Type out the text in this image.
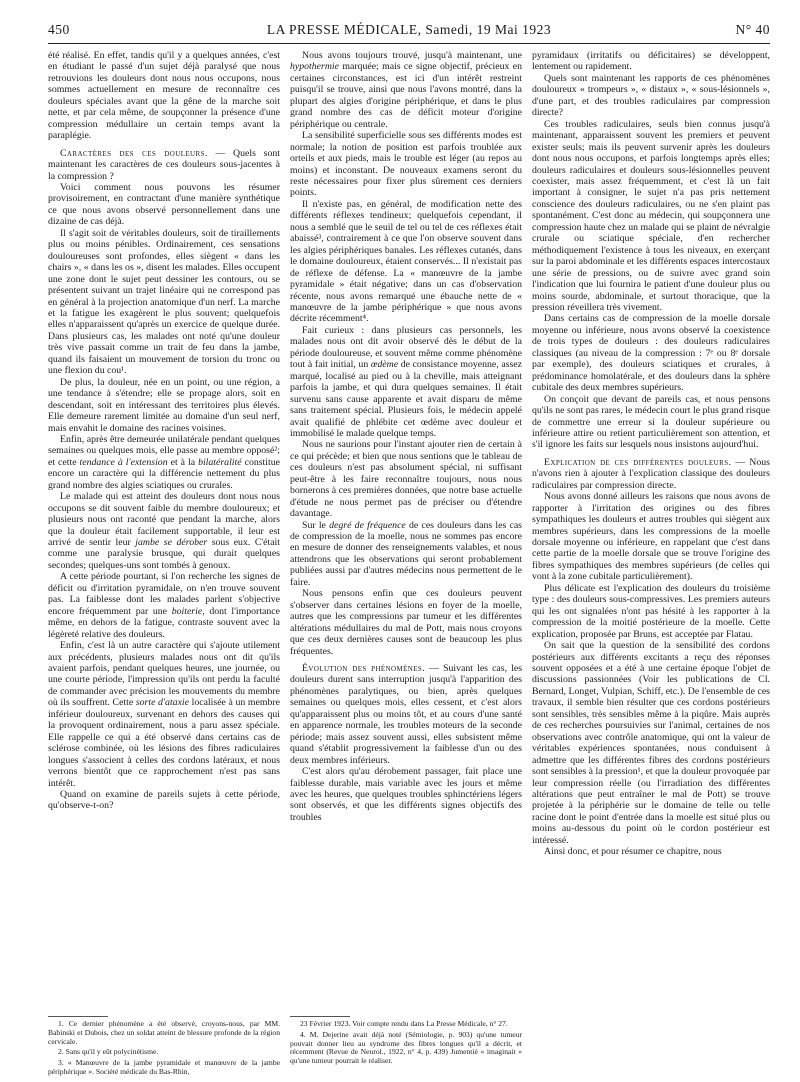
450	LA PRESSE MÉDICALE, Samedi, 19 Mai 1923	N° 40

été réalisé. En effet, tandis qu'il y a quelques années, c'est en étudiant le passé d'un sujet déjà paralysé que nous retrouvions les douleurs dont nous nous occupons, nous sommes actuellement en mesure de reconnaître ces douleurs spéciales avant que la gêne de la marche soit nette, et par cela même, de soupçonner la présence d'une compression médullaire un certain temps avant la paraplégie.

Caractères des ces douleurs. — Quels sont maintenant les caractères de ces douleurs sous-jacentes à la compression ?

Voici comment nous pouvons les résumer provisoirement, en contractant d'une manière synthétique ce que nous avons observé personnellement dans une dizaine de cas déjà.

Il s'agit soit de véritables douleurs, soit de tiraillements plus ou moins pénibles. Ordinairement, ces sensations douloureuses sont profondes, elles siègent « dans les chairs », « dans les os », disent les malades. Elles occupent une zone dont le sujet peut dessiner les contours, ou se présentent suivant un trajet linéaire qui ne correspond pas en général à la projection anatomique d'un nerf. La marche et la fatigue les exagèrent le plus souvent; quelquefois elles n'apparaissent qu'après un exercice de quelque durée. Dans plusieurs cas, les malades ont noté qu'une douleur très vive passait comme un trait de feu dans la jambe, quand ils faisaient un mouvement de torsion du tronc ou une flexion du cou¹.

De plus, la douleur, née en un point, ou une région, a une tendance à s'étendre; elle se propage alors, soit en descendant, soit en intéressant des territoires plus élevés. Elle demeure rarement limitée au domaine d'un seul nerf, mais envahit le domaine des racines voisines.

Enfin, après être demeurée unilatérale pendant quelques semaines ou quelques mois, elle passe au membre opposé²; et cette tendance à l'extension et à la bilatéralité constitue encore un caractère qui la différencie nettement du plus grand nombre des algies sciatiques ou crurales.

Le malade qui est atteint des douleurs dont nous nous occupons se dit souvent faible du membre douloureux; et plusieurs nous ont raconté que pendant la marche, alors que la douleur était facilement supportable, il leur est arrivé de sentir leur jambe se dérober sous eux. C'était comme une paralysie brusque, qui durait quelques secondes; quelques-uns sont tombés à genoux.

A cette période pourtant, si l'on recherche les signes de déficit ou d'irritation pyramidale, on n'en trouve souvent pas. La faiblesse dont les malades parlent s'objective encore fréquemment par une boiterie, dont l'importance même, en dehors de la fatigue, contraste souvent avec la légèreté relative des douleurs.

Enfin, c'est là un autre caractère qui s'ajoute utilement aux précédents, plusieurs malades nous ont dit qu'ils avaient parfois, pendant quelques heures, une journée, ou une courte période, l'impression qu'ils ont perdu la faculté de commander avec précision les mouvements du membre où ils souffrent. Cette sorte d'ataxie localisée à un membre inférieur douloureux, survenant en dehors des causes qui la provoquent ordinairement, nous a paru assez spéciale. Elle rappelle ce qui a été observé dans certains cas de sclérose combinée, où les lésions des fibres radiculaires longues s'associent à celles des cordons latéraux, et nous verrons bientôt que ce rapprochement n'est pas sans intérêt.

Quand on examine de pareils sujets à cette période, qu'observe-t-on?

Nous avons toujours trouvé, jusqu'à maintenant, une hypothermie marquée; mais ce signe objectif, précieux en certaines circonstances, est ici d'un intérêt restreint puisqu'il se trouve, ainsi que nous l'avons montré, dans la plupart des algies d'origine périphérique, et dans le plus grand nombre des cas de déficit moteur d'origine périphérique ou centrale.

La sensibilité superficielle sous ses différents modes est normale; la notion de position est parfois troublée aux orteils et aux pieds, mais le trouble est léger (au repos au moins) et inconstant. De nouveaux examens seront du reste nécessaires pour fixer plus sûrement ces derniers points.

Il n'existe pas, en général, de modification nette des différents réflexes tendineux; quelquefois cependant, il nous a semblé que le seuil de tel ou tel de ces réflexes était abaissé³, contrairement à ce que l'on observe souvent dans les algies périphériques banales. Les réflexes cutanés, dans le domaine douloureux, étaient conservés... Il n'existait pas de réflexe de défense. La « manœuvre de la jambe pyramidale » était négative; dans un cas d'observation récente, nous avons remarqué une ébauche nette de « manœuvre de la jambe périphérique » que nous avons décrite récemment⁴.

Fait curieux : dans plusieurs cas personnels, les malades nous ont dit avoir observé dès le début de la période douloureuse, et souvent même comme phénomène tout à fait initial, un œdème de consistance moyenne, assez marqué, localisé au pied ou à la cheville, mais atteignant parfois la jambe, et qui dura quelques semaines. Il était survenu sans cause apparente et avait disparu de même sans traitement spécial. Plusieurs fois, le médecin appelé avait qualifié de phlébite cet œdème avec douleur et immobilisé le malade quelque temps.

Nous ne saurions pour l'instant ajouter rien de certain à ce qui précède; et bien que nous sentions que le tableau de ces douleurs n'est pas absolument spécial, ni suffisant peut-être à les faire reconnaître toujours, nous nous bornerons à ces premières données, que notre base actuelle d'étude ne nous permet pas de préciser ou d'étendre davantage.

Sur le degré de fréquence de ces douleurs dans les cas de compression de la moelle, nous ne sommes pas encore en mesure de donner des renseignements valables, et nous attendrons que les observations qui seront probablement publiées aussi par d'autres médecins nous permettent de le faire.

Nous pensons enfin que ces douleurs peuvent s'observer dans certaines lésions en foyer de la moelle, autres que les compressions par tumeur et les différentes altérations médullaires du mal de Pott, mais nous croyons que ces deux dernières causes sont de beaucoup les plus fréquentes.

Évolution des phénomènes. — Suivant les cas, les douleurs durent sans interruption jusqu'à l'apparition des phénomènes paralytiques, ou bien, après quelques semaines ou quelques mois, elles cessent, et c'est alors qu'apparaissent plus ou moins tôt, et au cours d'une santé en apparence normale, les troubles moteurs de la seconde période; mais assez souvent aussi, elles subsistent même quand s'établit progressivement la faiblesse d'un ou des deux membres inférieurs.

C'est alors qu'au dérobement passager, fait place une faiblesse durable, mais variable avec les jours et même avec les heures, que quelques troubles sphinctériens légers sont observés, et que les différents signes objectifs des troubles

pyramidaux (irritatifs ou déficitaires) se développent, lentement ou rapidement.

Quels sont maintenant les rapports de ces phénomènes douloureux « trompeurs », « distaux », « sous-lésionnels », d'une part, et des troubles radiculaires par compression directe?

Ces troubles radiculaires, seuls bien connus jusqu'à maintenant, apparaissent souvent les premiers et peuvent exister seuls; mais ils peuvent survenir après les douleurs dont nous nous occupons, et parfois longtemps après elles; douleurs radiculaires et douleurs sous-lésionnelles peuvent coexister, mais assez fréquemment, et c'est là un fait important à consigner, le sujet n'a pas pris nettement conscience des douleurs radiculaires, ou ne s'en plaint pas spontanément. C'est donc au médecin, qui soupçonnera une compression haute chez un malade qui se plaint de névralgie crurale ou sciatique spéciale, d'en rechercher méthodiquement l'existence à tous les niveaux, en exerçant sur la paroi abdominale et les différents espaces intercostaux une série de pressions, ou de suivre avec grand soin l'indication que lui fournira le patient d'une douleur plus ou moins sourde, abdominale, et surtout thoracique, que la pression réveillera très vivement.

Dans certains cas de compression de la moelle dorsale moyenne ou inférieure, nous avons observé la coexistence de trois types de douleurs : des douleurs radiculaires classiques (au niveau de la compression : 7ᵉ ou 8ᵉ dorsale par exemple), des douleurs sciatiques et crurales, à prédominance homolatérale, et des douleurs dans la sphère cubitale des deux membres supérieurs.

On conçoit que devant de pareils cas, et nous pensons qu'ils ne sont pas rares, le médecin court le plus grand risque de commettre une erreur si la douleur supérieure ou inférieure attire ou retient particulièrement son attention, et s'il ignore les faits sur lesquels nous insistons aujourd'hui.

Explication de ces différentes douleurs. — Nous n'avons rien à ajouter à l'explication classique des douleurs radiculaires par compression directe.

Nous avons donné ailleurs les raisons que nous avons de rapporter à l'irritation des origines ou des fibres sympathiques les douleurs et autres troubles qui siègent aux membres supérieurs, dans les compressions de la moelle dorsale moyenne ou inférieure, en rappelant que c'est dans cette partie de la moelle dorsale que se trouve l'origine des fibres sympathiques des membres supérieurs (de celles qui vont à la zone cubitale particulièrement).

Plus délicate est l'explication des douleurs du troisième type : des douleurs sous-compressives. Les premiers auteurs qui les ont signalées n'ont pas hésité à les rapporter à la compression de la moitié postérieure de la moelle. Cette explication, proposée par Bruns, est acceptée par Flatau.

On sait que la question de la sensibilité des cordons postérieurs aux différents excitants a reçu des réponses souvent opposées et a été à une certaine époque l'objet de discussions passionnées (Voir les publications de Cl. Bernard, Longet, Vulpian, Schiff, etc.). De l'ensemble de ces travaux, il semble bien résulter que ces cordons postérieurs sont sensibles, très sensibles même à la piqûre. Mais auprès de ces recherches poursuivies sur l'animal, certaines de nos observations avec contrôle anatomique, qui ont la valeur de véritables expériences spontanées, nous conduisent à admettre que les différentes fibres des cordons postérieurs sont sensibles à la pression¹, et que la douleur provoquée par leur compression réelle (ou l'irradiation des différentes altérations que peut entraîner le mal de Pott) se trouve projetée à la périphérie sur le domaine de telle ou telle racine dont le point d'entrée dans la moelle est situé plus ou moins au-dessous du point où le cordon postérieur est intéressé.

Ainsi donc, et pour résumer ce chapitre, nous

1. Ce dernier phénomène a été observé, croyons-nous, par MM. Babinski et Dubois, chez un soldat atteint de blessure profonde de la région cervicale.

2. Sans qu'il y eût polycinétisme.

3. « Manœuvre de la jambe pyramidale et manœuvre de la jambe périphérique ». Société médicale du Bas-Rhin,

23 Février 1923. Voir compte rendu dans La Presse Médicale, n° 27.

4. M. Dejerine avait déjà noté (Sémiologie, p. 903) qu'une tumeur pouvait donner lieu au syndrome des fibres longues qu'il a décrit, et récemment (Revue de Neurol., 1922, n° 4, p. 439) Jumentié « imaginait » qu'une tumeur pourrait le réaliser.
